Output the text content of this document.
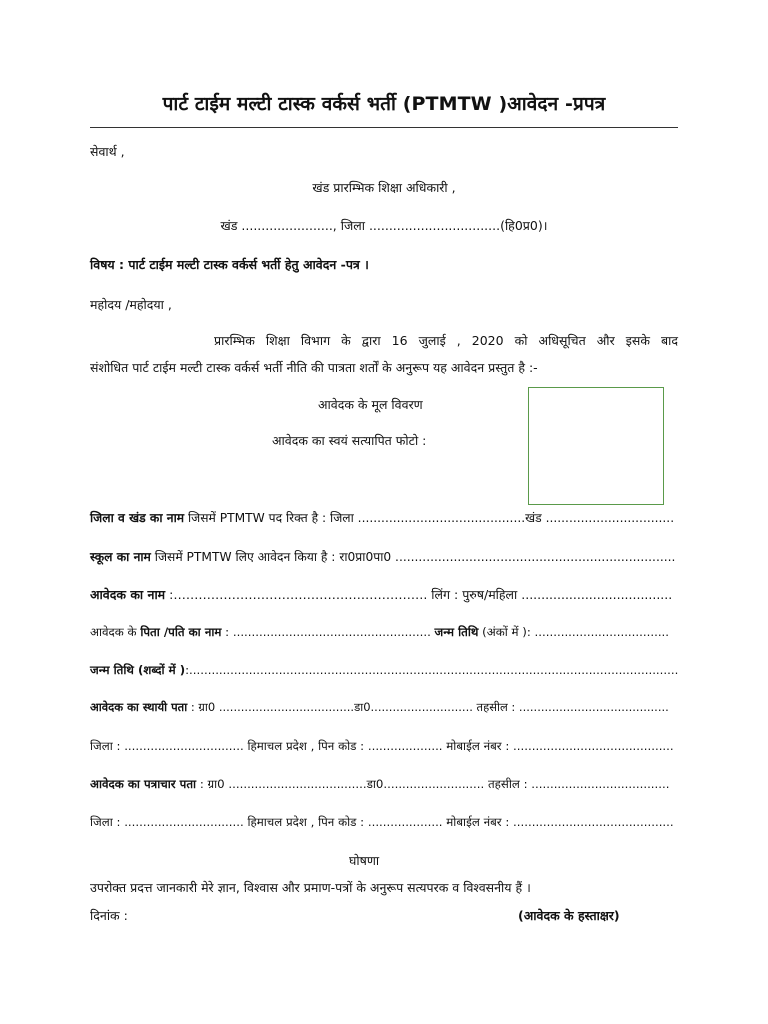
पार्ट टाईम मल्टी टास्क वर्कर्स भर्ती (PTMTW )आवेदन -प्रपत्र
सेवार्थ ,
खंड प्रारम्भिक शिक्षा अधिकारी ,
खंड ......................., जिला .................................(हि0प्र0)।
विषय : पार्ट टाईम मल्टी टास्क वर्कर्स भर्ती हेतु आवेदन -पत्र ।
महोदय /महोदया ,
प्रारम्भिक शिक्षा विभाग के द्वारा 16 जुलाई , 2020 को अधिसूचित और इसके बाद
संशोधित पार्ट टाईम मल्टी टास्क वर्कर्स भर्ती नीति की पात्रता शर्तों के अनुरूप यह आवेदन प्रस्तुत है :-
आवेदक के मूल विवरण
आवेदक का स्वयं सत्यापित फोटो :
जिला व खंड का नाम जिसमें PTMTW पद रिक्त है : जिला ...........................................खंड .................................
स्कूल का नाम जिसमें PTMTW लिए आवेदन किया है : रा0प्रा0पा0 ........................................................................
आवेदक का नाम :……………………………………………………. लिंग : पुरुष/महिला ......................................
आवेदक के पिता /पति का नाम : ..................................................... जन्म तिथि (अंकों में ): ....................................
जन्म तिथि (शब्दों में ):...................................................................................................................................
आवेदक का स्थायी पता : ग्रा0 .....................................डा0............................ तहसील : .........................................
जिला : ................................ हिमाचल प्रदेश , पिन कोड : .................... मोबाईल नंबर : ...........................................
आवेदक का पत्राचार पता : ग्रा0 .....................................डा0........................... तहसील : .....................................
जिला : ................................ हिमाचल प्रदेश , पिन कोड : .................... मोबाईल नंबर : ...........................................
घोषणा
उपरोक्त प्रदत्त जानकारी मेरे ज्ञान, विश्वास और प्रमाण-पत्रों के अनुरूप सत्यपरक व विश्वसनीय हैं ।
दिनांक :	(आवेदक के हस्ताक्षर)
